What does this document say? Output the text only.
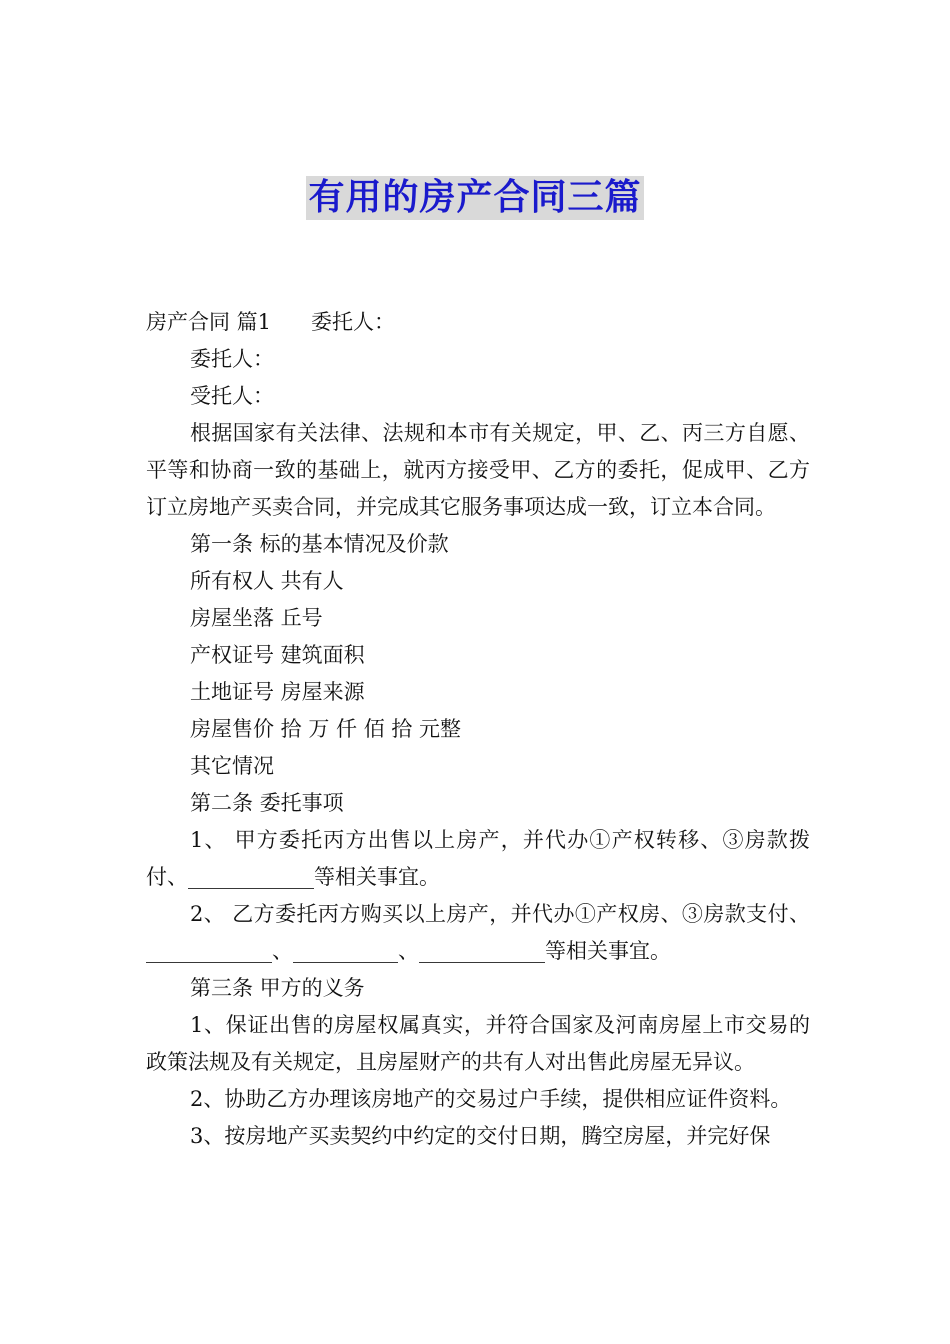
有用的房产合同三篇

房产合同 篇1 委托人：

委托人：

受托人：

根据国家有关法律、法规和本市有关规定，甲、乙、丙三方自愿、平等和协商一致的基础上，就丙方接受甲、乙方的委托，促成甲、乙方订立房地产买卖合同，并完成其它服务事项达成一致，订立本合同。

第一条 标的基本情况及价款

所有权人 共有人

房屋坐落 丘号

产权证号 建筑面积

土地证号 房屋来源

房屋售价 拾 万 仟 佰 拾 元整

其它情况

第二条 委托事项

1、 甲方委托丙方出售以上房产，并代办①产权转移、③房款拨付、____________等相关事宜。

2、 乙方委托丙方购买以上房产，并代办①产权房、③房款支付、____________、__________、____________等相关事宜。

第三条 甲方的义务

1、保证出售的房屋权属真实，并符合国家及河南房屋上市交易的政策法规及有关规定，且房屋财产的共有人对出售此房屋无异议。

2、协助乙方办理该房地产的交易过户手续，提供相应证件资料。

3、按房地产买卖契约中约定的交付日期，腾空房屋，并完好保
